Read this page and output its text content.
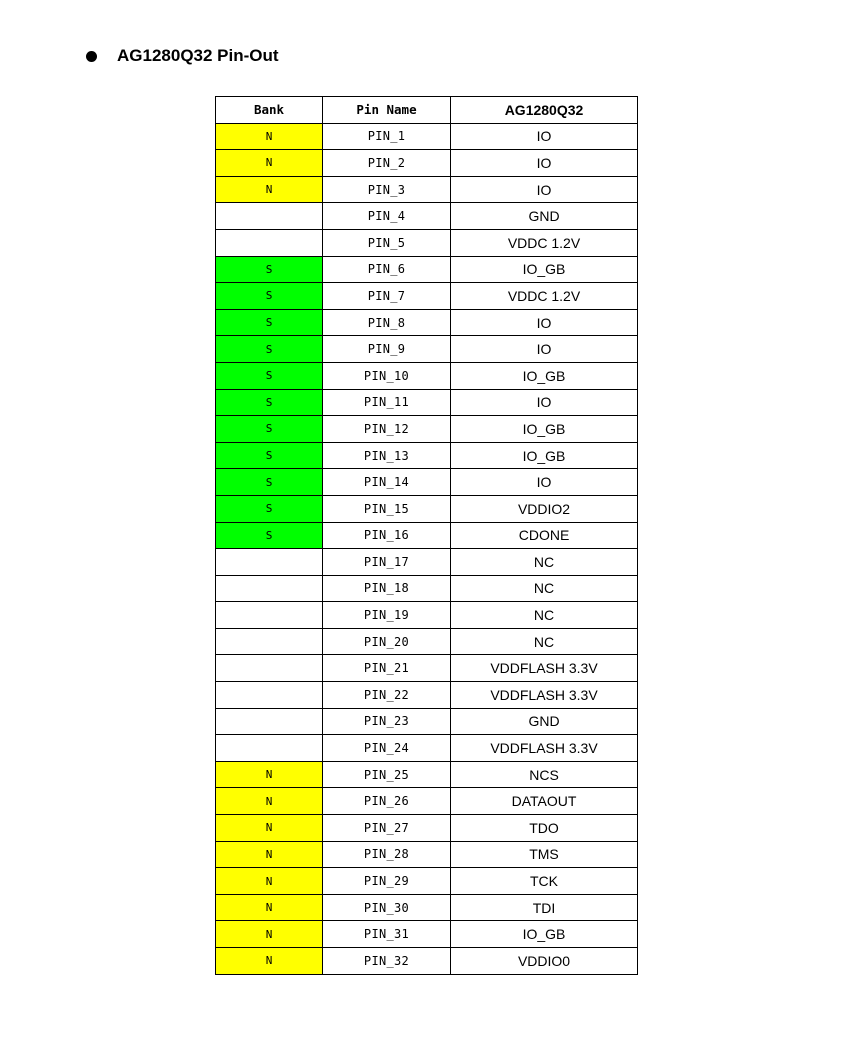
AG1280Q32 Pin-Out
Bank	Pin Name	AG1280Q32
N	PIN_1	IO
N	PIN_2	IO
N	PIN_3	IO
	PIN_4	GND
	PIN_5	VDDC 1.2V
S	PIN_6	IO_GB
S	PIN_7	VDDC 1.2V
S	PIN_8	IO
S	PIN_9	IO
S	PIN_10	IO_GB
S	PIN_11	IO
S	PIN_12	IO_GB
S	PIN_13	IO_GB
S	PIN_14	IO
S	PIN_15	VDDIO2
S	PIN_16	CDONE
	PIN_17	NC
	PIN_18	NC
	PIN_19	NC
	PIN_20	NC
	PIN_21	VDDFLASH 3.3V
	PIN_22	VDDFLASH 3.3V
	PIN_23	GND
	PIN_24	VDDFLASH 3.3V
N	PIN_25	NCS
N	PIN_26	DATAOUT
N	PIN_27	TDO
N	PIN_28	TMS
N	PIN_29	TCK
N	PIN_30	TDI
N	PIN_31	IO_GB
N	PIN_32	VDDIO0
